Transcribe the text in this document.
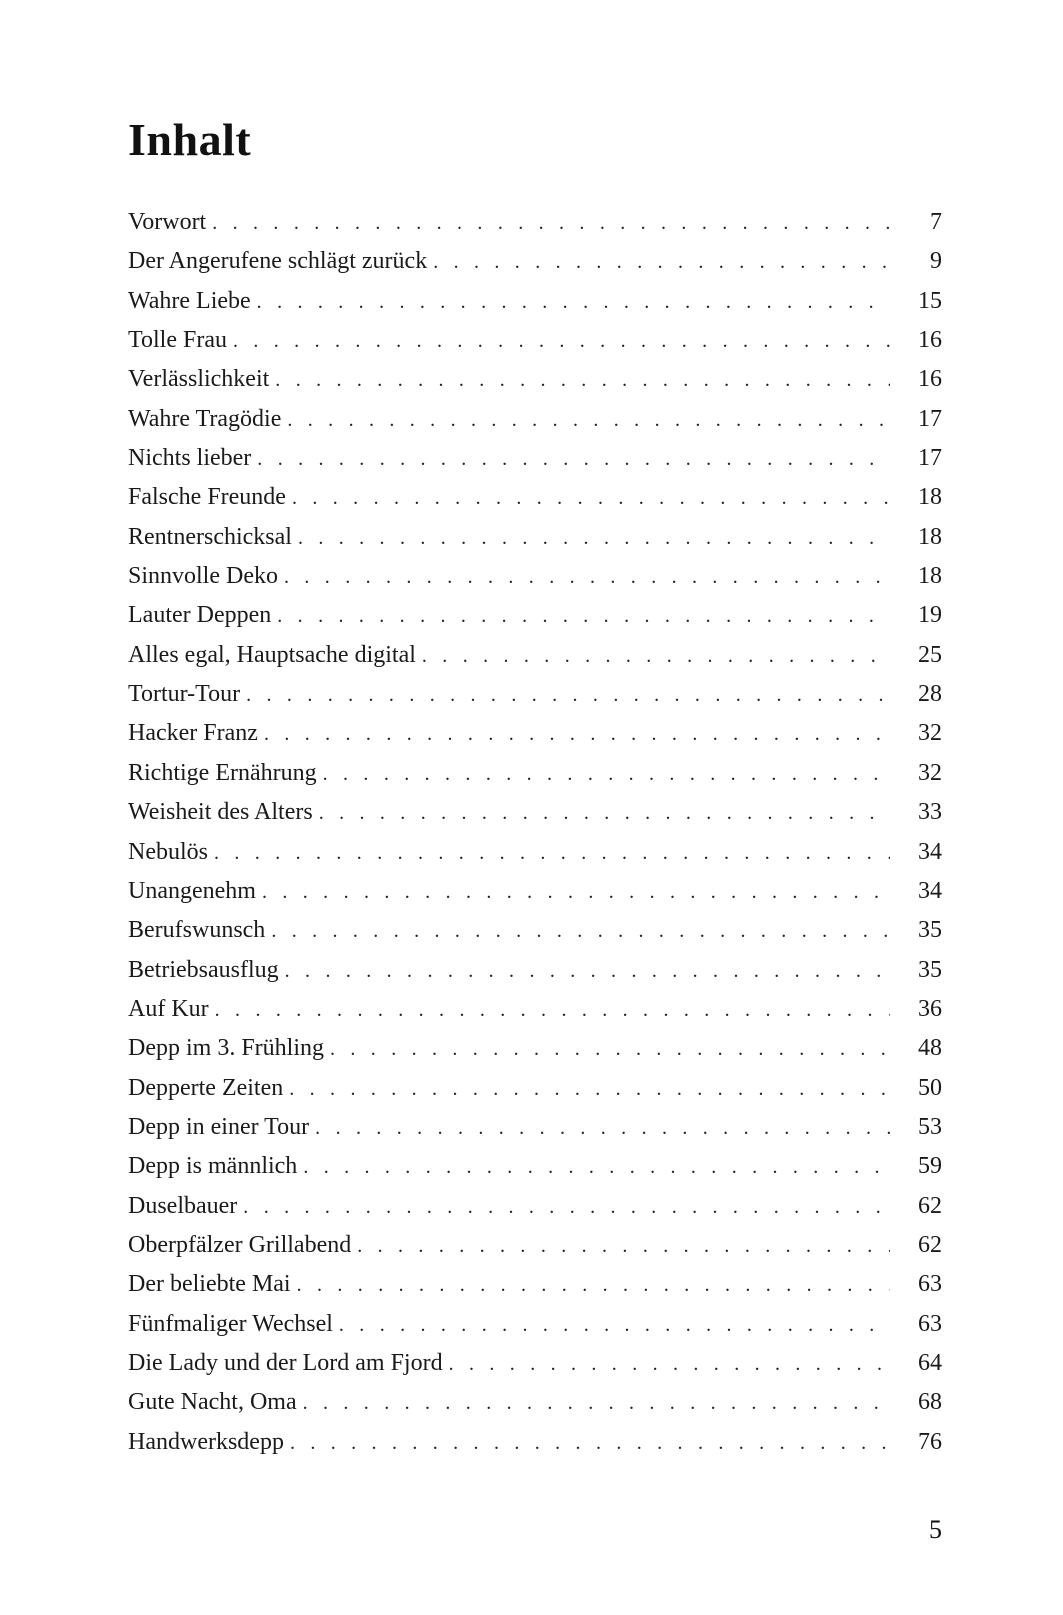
Inhalt
Vorwort . . .	7
Der Angerufene schlägt zurück . . .	9
Wahre Liebe . . .	15
Tolle Frau . . .	16
Verlässlichkeit . . .	16
Wahre Tragödie . . .	17
Nichts lieber . . .	17
Falsche Freunde . . .	18
Rentnerschicksal . . .	18
Sinnvolle Deko . . .	18
Lauter Deppen . . .	19
Alles egal, Hauptsache digital . . .	25
Tortur-Tour . . .	28
Hacker Franz . . .	32
Richtige Ernährung . . .	32
Weisheit des Alters . . .	33
Nebulös . . .	34
Unangenehm . . .	34
Berufswunsch . . .	35
Betriebsausflug . . .	35
Auf Kur . . .	36
Depp im 3. Frühling . . .	48
Depperte Zeiten . . .	50
Depp in einer Tour . . .	53
Depp is männlich . . .	59
Duselbauer . . .	62
Oberpfälzer Grillabend . . .	62
Der beliebte Mai . . .	63
Fünfmaliger Wechsel . . .	63
Die Lady und der Lord am Fjord . . .	64
Gute Nacht, Oma . . .	68
Handwerksdepp . . .	76
5
